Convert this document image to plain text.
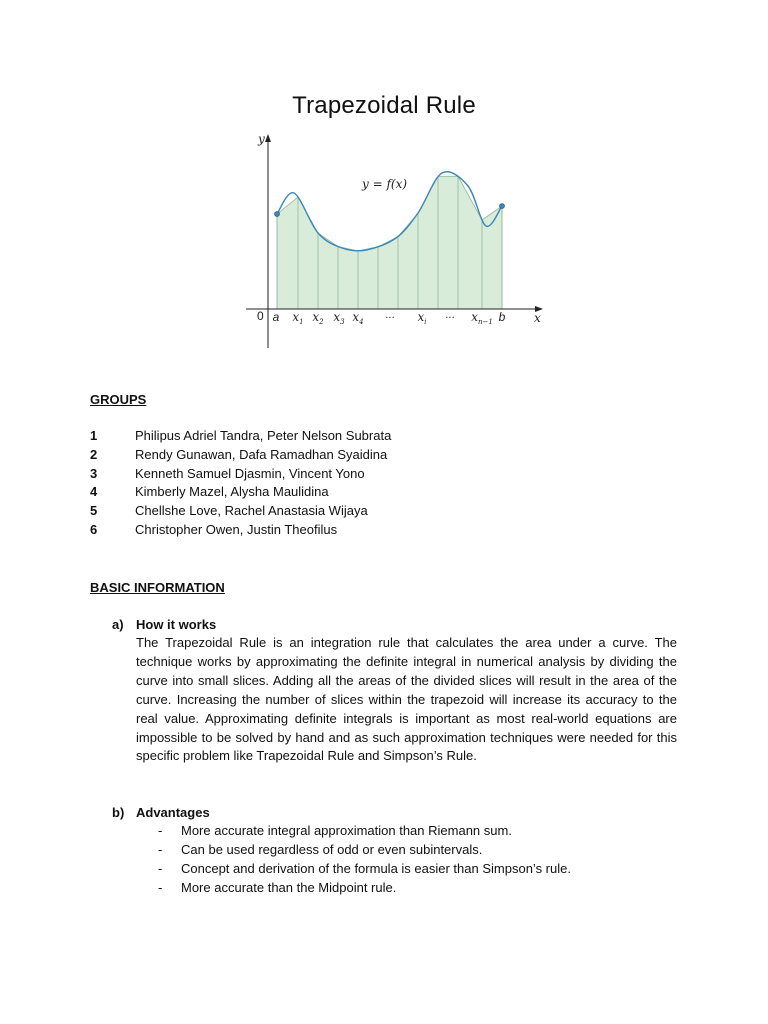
Trapezoidal Rule
y
x
0
y = f(x)
a $x_1$ $x_2$ $x_3$ $x_4$ ··· $x_i$ ··· $x_{n-1}$ b
GROUPS
1	Philipus Adriel Tandra, Peter Nelson Subrata
2	Rendy Gunawan, Dafa Ramadhan Syaidina
3	Kenneth Samuel Djasmin, Vincent Yono
4	Kimberly Mazel, Alysha Maulidina
5	Chellshe Love, Rachel Anastasia Wijaya
6	Christopher Owen, Justin Theofilus
BASIC INFORMATION
a) How it works

The Trapezoidal Rule is an integration rule that calculates the area under a curve. The technique works by approximating the definite integral in numerical analysis by dividing the curve into small slices. Adding all the areas of the divided slices will result in the area of the curve. Increasing the number of slices within the trapezoid will increase its accuracy to the real value. Approximating definite integrals is important as most real-world equations are impossible to be solved by hand and as such approximation techniques were needed for this specific problem like Trapezoidal Rule and Simpson’s Rule.

b) Advantages
-	More accurate integral approximation than Riemann sum.
-	Can be used regardless of odd or even subintervals.
-	Concept and derivation of the formula is easier than Simpson’s rule.
-	More accurate than the Midpoint rule.
